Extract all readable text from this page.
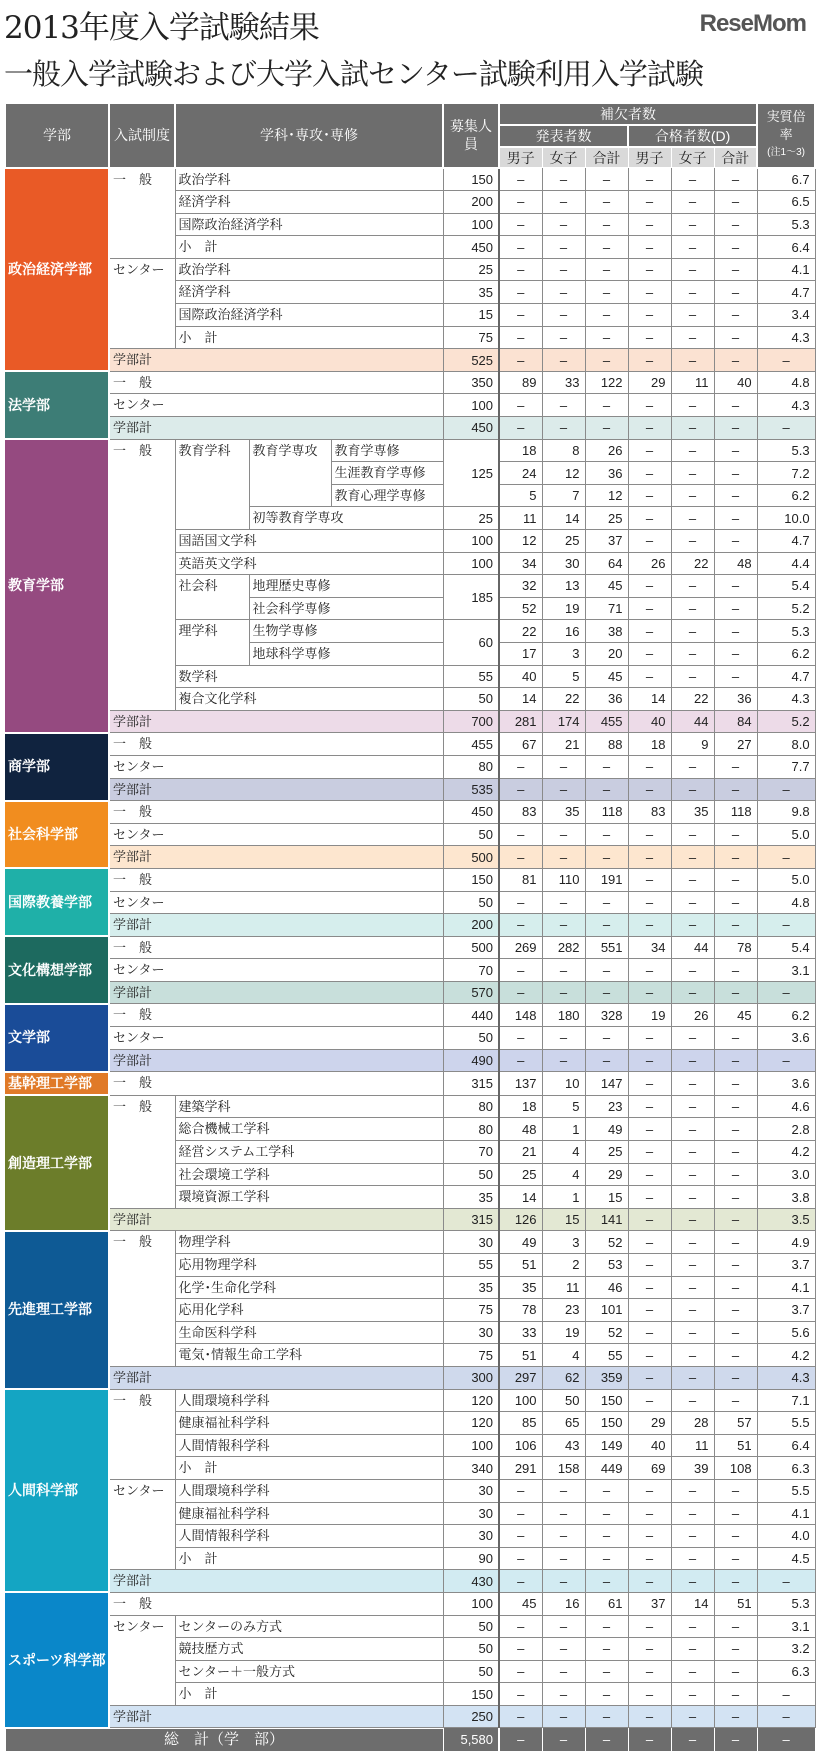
2013年度入学試験結果
一般入学試験および大学入試センター試験利用入学試験
学部	入試制度	学科･専攻･専修			募集人員	補欠者数						実質倍率
(注1～3)

						発表者数			合格者数(D)			
						男子	女子	合計	男子	女子	合計	
政治経済学部	一　般	政治学科			150	–	–	–	–	–	–	6.7
		経済学科			200	–	–	–	–	–	–	6.5
		国際政治経済学科			100	–	–	–	–	–	–	5.3
		小　計			450	–	–	–	–	–	–	6.4
	センター	政治学科			25	–	–	–	–	–	–	4.1
		経済学科			35	–	–	–	–	–	–	4.7
		国際政治経済学科			15	–	–	–	–	–	–	3.4
		小　計			75	–	–	–	–	–	–	4.3
	学部計				525	–	–	–	–	–	–	–
法学部	一　般				350	89	33	122	29	11	40	4.8
	センター				100	–	–	–	–	–	–	4.3
	学部計				450	–	–	–	–	–	–	–
教育学部	一　般	教育学科	教育学専攻	教育学専修	125	18	8	26	–	–	–	5.3
				生涯教育学専修		24	12	36	–	–	–	7.2
				教育心理学専修		5	7	12	–	–	–	6.2
			初等教育学専攻		25	11	14	25	–	–	–	10.0
		国語国文学科			100	12	25	37	–	–	–	4.7
		英語英文学科			100	34	30	64	26	22	48	4.4
		社会科	地理歴史専修		185	32	13	45	–	–	–	5.4
			社会科学専修			52	19	71	–	–	–	5.2
		理学科	生物学専修		60	22	16	38	–	–	–	5.3
			地球科学専修			17	3	20	–	–	–	6.2
		数学科			55	40	5	45	–	–	–	4.7
		複合文化学科			50	14	22	36	14	22	36	4.3
	学部計				700	281	174	455	40	44	84	5.2
商学部	一　般				455	67	21	88	18	9	27	8.0
	センター				80	–	–	–	–	–	–	7.7
	学部計				535	–	–	–	–	–	–	–
社会科学部	一　般				450	83	35	118	83	35	118	9.8
	センター				50	–	–	–	–	–	–	5.0
	学部計				500	–	–	–	–	–	–	–
国際教養学部	一　般				150	81	110	191	–	–	–	5.0
	センター				50	–	–	–	–	–	–	4.8
	学部計				200	–	–	–	–	–	–	–
文化構想学部	一　般				500	269	282	551	34	44	78	5.4
	センター				70	–	–	–	–	–	–	3.1
	学部計				570	–	–	–	–	–	–	–
文学部	一　般				440	148	180	328	19	26	45	6.2
	センター				50	–	–	–	–	–	–	3.6
	学部計				490	–	–	–	–	–	–	–
基幹理工学部	一　般				315	137	10	147	–	–	–	3.6
創造理工学部	一　般	建築学科			80	18	5	23	–	–	–	4.6
		総合機械工学科			80	48	1	49	–	–	–	2.8
		経営システム工学科			70	21	4	25	–	–	–	4.2
		社会環境工学科			50	25	4	29	–	–	–	3.0
		環境資源工学科			35	14	1	15	–	–	–	3.8
	学部計				315	126	15	141	–	–	–	3.5
先進理工学部	一　般	物理学科			30	49	3	52	–	–	–	4.9
		応用物理学科			55	51	2	53	–	–	–	3.7
		化学･生命化学科			35	35	11	46	–	–	–	4.1
		応用化学科			75	78	23	101	–	–	–	3.7
		生命医科学科			30	33	19	52	–	–	–	5.6
		電気･情報生命工学科			75	51	4	55	–	–	–	4.2
	学部計				300	297	62	359	–	–	–	4.3
人間科学部	一　般	人間環境科学科			120	100	50	150	–	–	–	7.1
		健康福祉科学科			120	85	65	150	29	28	57	5.5
		人間情報科学科			100	106	43	149	40	11	51	6.4
		小　計			340	291	158	449	69	39	108	6.3
	センター	人間環境科学科			30	–	–	–	–	–	–	5.5
		健康福祉科学科			30	–	–	–	–	–	–	4.1
		人間情報科学科			30	–	–	–	–	–	–	4.0
		小　計			90	–	–	–	–	–	–	4.5
	学部計				430	–	–	–	–	–	–	–
スポーツ科学部	一　般				100	45	16	61	37	14	51	5.3
	センター	センターのみ方式			50	–	–	–	–	–	–	3.1
		競技歴方式			50	–	–	–	–	–	–	3.2
		センター＋一般方式			50	–	–	–	–	–	–	6.3
		小　計			150	–	–	–	–	–	–	–
	学部計				250	–	–	–	–	–	–	–
総　計（学　部）					5,580	–	–	–	–	–	–	–
ReseMom
